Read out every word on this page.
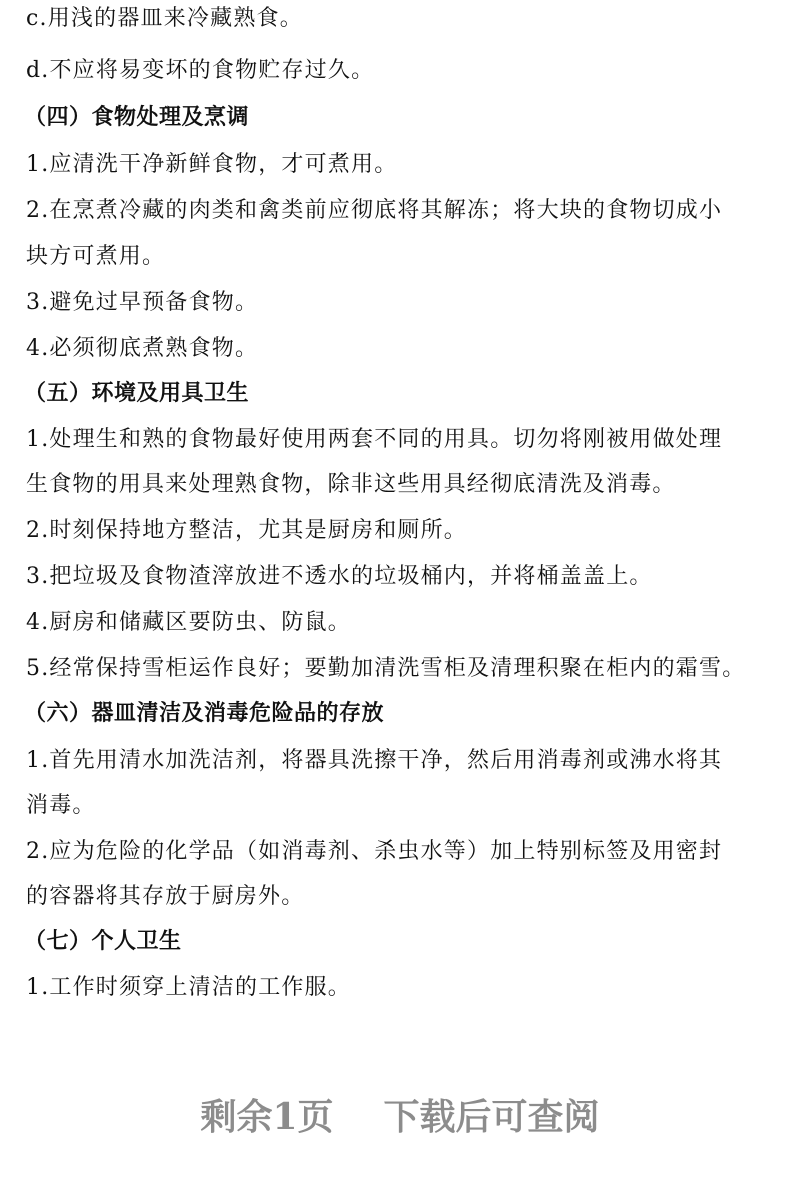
c.用浅的器皿来冷藏熟食。
d.不应将易变坏的食物贮存过久。
（四）食物处理及烹调
1.应清洗干净新鲜食物，才可煮用。
2.在烹煮冷藏的肉类和禽类前应彻底将其解冻；将大块的食物切成小
块方可煮用。
3.避免过早预备食物。
4.必须彻底煮熟食物。
（五）环境及用具卫生
1.处理生和熟的食物最好使用两套不同的用具。切勿将刚被用做处理
生食物的用具来处理熟食物，除非这些用具经彻底清洗及消毒。
2.时刻保持地方整洁，尤其是厨房和厕所。
3.把垃圾及食物渣滓放进不透水的垃圾桶内，并将桶盖盖上。
4.厨房和储藏区要防虫、防鼠。
5.经常保持雪柜运作良好；要勤加清洗雪柜及清理积聚在柜内的霜雪。
（六）器皿清洁及消毒危险品的存放
1.首先用清水加洗洁剂，将器具洗擦干净，然后用消毒剂或沸水将其
消毒。
2.应为危险的化学品（如消毒剂、杀虫水等）加上特别标签及用密封
的容器将其存放于厨房外。
（七）个人卫生
1.工作时须穿上清洁的工作服。
剩余1页 下载后可查阅
